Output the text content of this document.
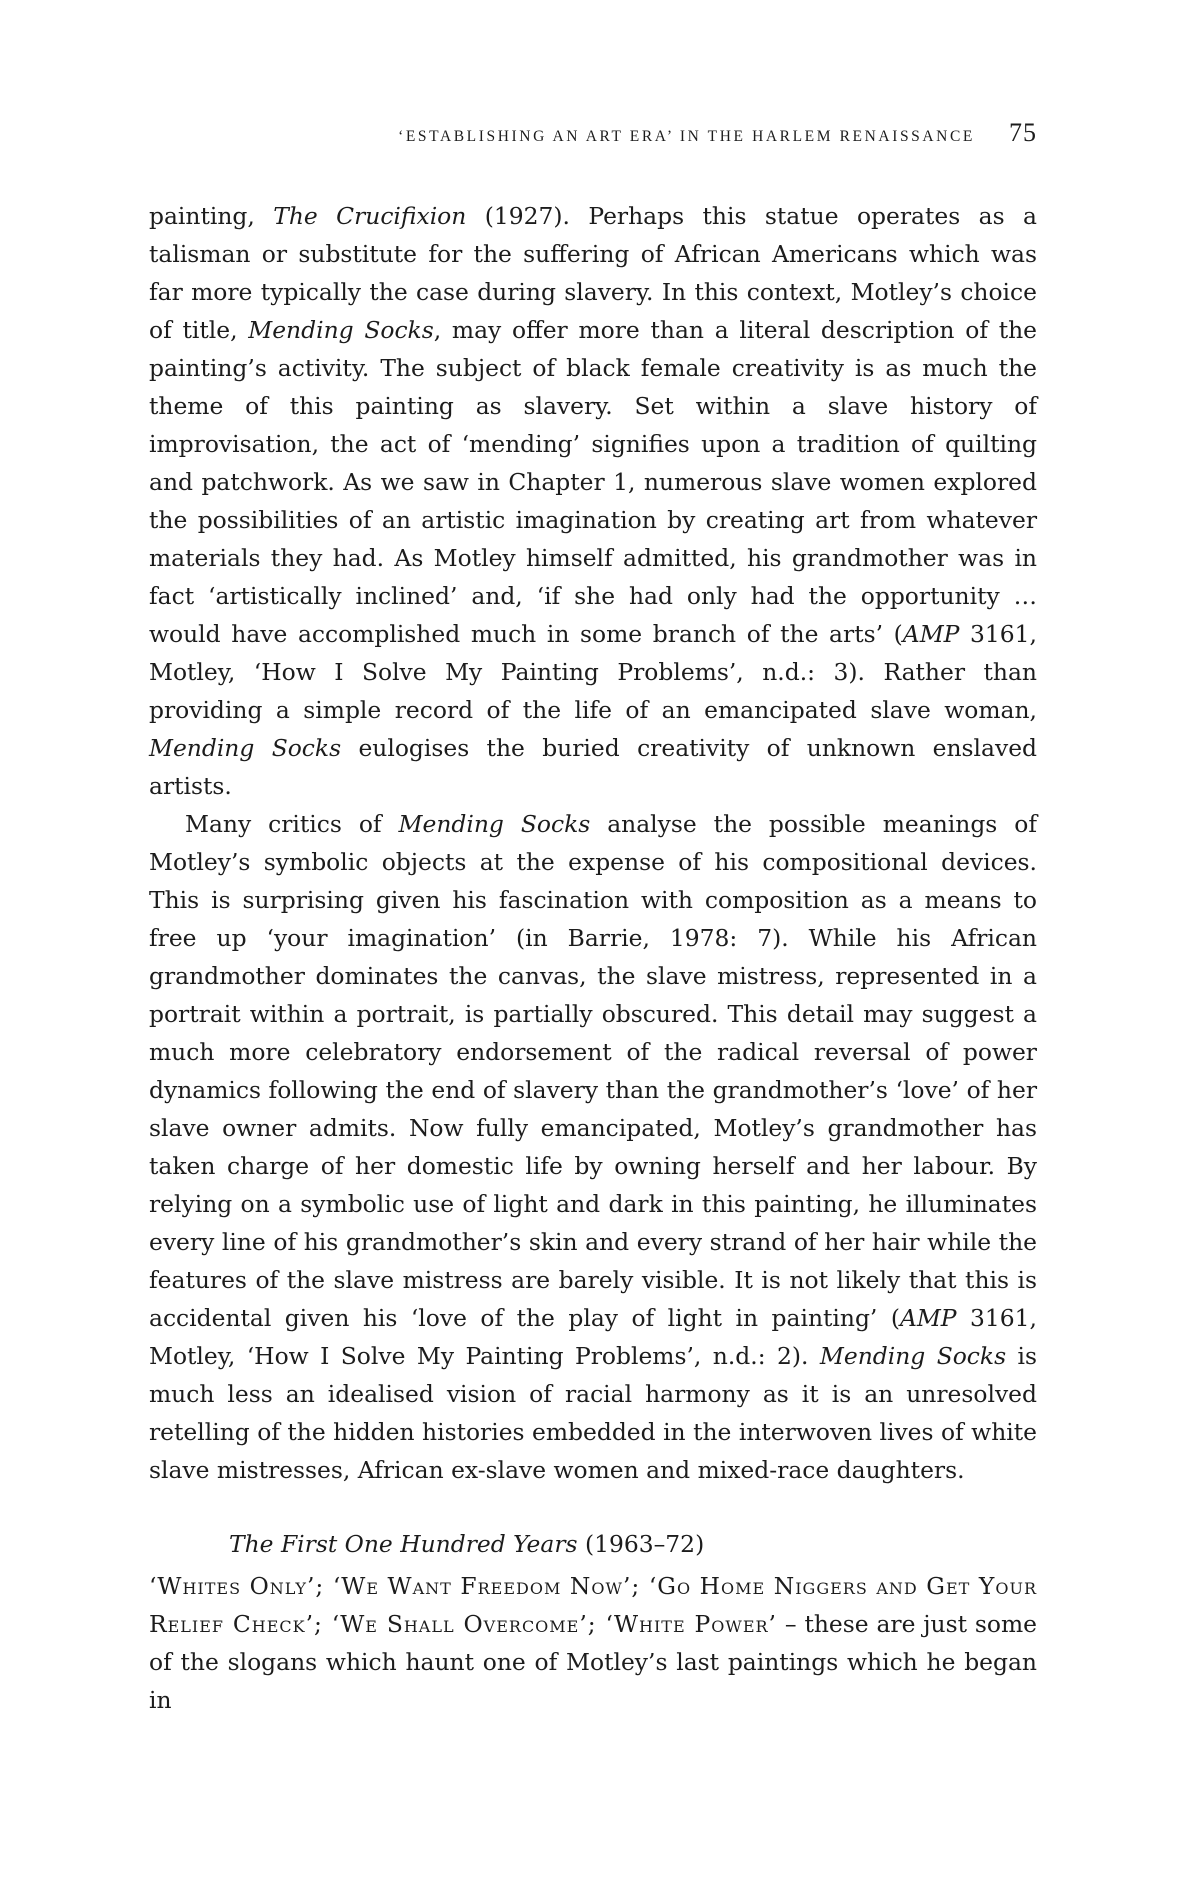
‘ESTABLISHING AN ART ERA’ IN THE HARLEM RENAISSANCE 75

painting, The Crucifixion (1927). Perhaps this statue operates as a talisman or substitute for the suffering of African Americans which was far more typically the case during slavery. In this context, Motley’s choice of title, Mending Socks, may offer more than a literal description of the painting’s activity. The subject of black female creativity is as much the theme of this painting as slavery. Set within a slave history of improvisation, the act of ‘mending’ signifies upon a tradition of quilting and patchwork. As we saw in Chapter 1, numerous slave women explored the possibilities of an artistic imagination by creating art from whatever materials they had. As Motley himself admitted, his grandmother was in fact ‘artistically inclined’ and, ‘if she had only had the opportunity … would have accomplished much in some branch of the arts’ (AMP 3161, Motley, ‘How I Solve My Painting Problems’, n.d.: 3). Rather than providing a simple record of the life of an emancipated slave woman, Mending Socks eulogises the buried creativity of unknown enslaved artists.

Many critics of Mending Socks analyse the possible meanings of Motley’s symbolic objects at the expense of his compositional devices. This is surprising given his fascination with composition as a means to free up ‘your imagination’ (in Barrie, 1978: 7). While his African grandmother dominates the canvas, the slave mistress, represented in a portrait within a portrait, is partially obscured. This detail may suggest a much more celebratory endorsement of the radical reversal of power dynamics following the end of slavery than the grandmother’s ‘love’ of her slave owner admits. Now fully emancipated, Motley’s grandmother has taken charge of her domestic life by owning herself and her labour. By relying on a symbolic use of light and dark in this painting, he illuminates every line of his grandmother’s skin and every strand of her hair while the features of the slave mistress are barely visible. It is not likely that this is accidental given his ‘love of the play of light in painting’ (AMP 3161, Motley, ‘How I Solve My Painting Problems’, n.d.: 2). Mending Socks is much less an idealised vision of racial harmony as it is an unresolved retelling of the hidden histories embedded in the interwoven lives of white slave mistresses, African ex-slave women and mixed-race daughters.

The First One Hundred Years (1963–72)

‘Whites Only’; ‘We Want Freedom Now’; ‘Go Home Niggers and Get Your Relief Check’; ‘We Shall Overcome’; ‘White Power’ – these are just some of the slogans which haunt one of Motley’s last paintings which he began in
